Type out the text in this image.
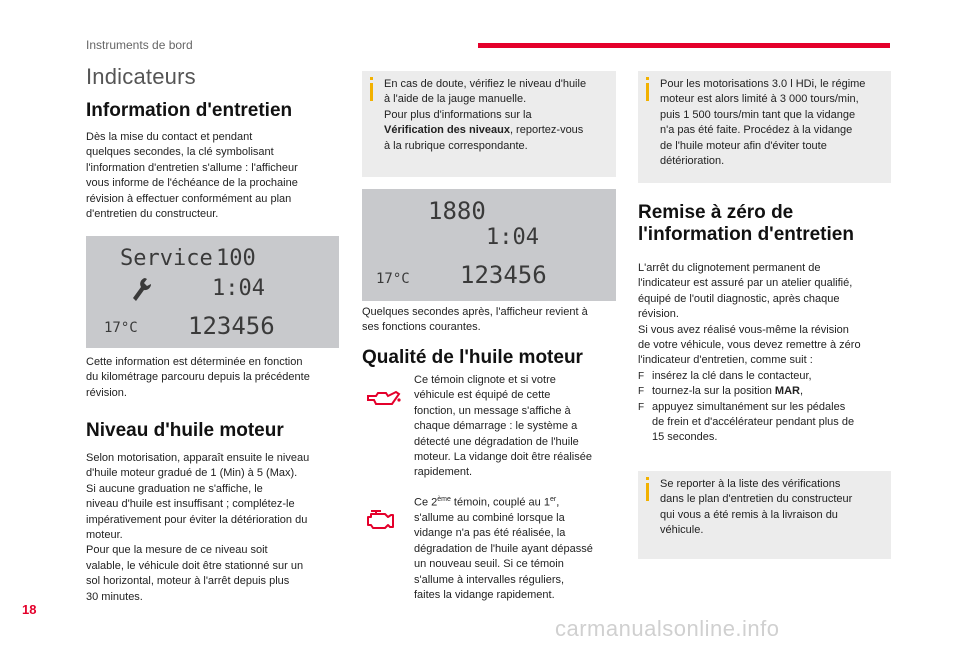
Instruments de bord
Indicateurs
Information d'entretien

Dès la mise du contact et pendant

quelques secondes, la clé symbolisant

l'information d'entretien s'allume : l'afficheur

vous informe de l'échéance de la prochaine

révision à effectuer conformément au plan

d'entretien du constructeur.

Service 100
1:04
17°C 123456

Cette information est déterminée en fonction

du kilométrage parcouru depuis la précédente

révision.

Niveau d'huile moteur

Selon motorisation, apparaît ensuite le niveau

d'huile moteur gradué de 1 (Min) à 5 (Max).

Si aucune graduation ne s'affiche, le

niveau d'huile est insuffisant ; complétez-le

impérativement pour éviter la détérioration du

moteur.

Pour que la mesure de ce niveau soit

valable, le véhicule doit être stationné sur un

sol horizontal, moteur à l'arrêt depuis plus

30 minutes.

En cas de doute, vérifiez le niveau d'huile

à l'aide de la jauge manuelle.

Pour plus d'informations sur la

Vérification des niveaux, reportez-vous

à la rubrique correspondante.

1880
1:04
17°C 123456

Quelques secondes après, l'afficheur revient à

ses fonctions courantes.

Qualité de l'huile moteur

Ce témoin clignote et si votre

véhicule est équipé de cette

fonction, un message s'affiche à

chaque démarrage : le système a

détecté une dégradation de l'huile

moteur. La vidange doit être réalisée

rapidement.

Ce 2ème témoin, couplé au 1er,

s'allume au combiné lorsque la

vidange n'a pas été réalisée, la

dégradation de l'huile ayant dépassé

un nouveau seuil. Si ce témoin

s'allume à intervalles réguliers,

faites la vidange rapidement.

Pour les motorisations 3.0 l HDi, le régime

moteur est alors limité à 3 000 tours/min,

puis 1 500 tours/min tant que la vidange

n'a pas été faite. Procédez à la vidange

de l'huile moteur afin d'éviter toute

détérioration.

Remise à zéro de
l'information d'entretien

L'arrêt du clignotement permanent de

l'indicateur est assuré par un atelier qualifié,

équipé de l'outil diagnostic, après chaque

révision.

Si vous avez réalisé vous-même la révision

de votre véhicule, vous devez remettre à zéro

l'indicateur d'entretien, comme suit :

F insérez la clé dans le contacteur,
F tournez-la sur la position MAR,
F appuyez simultanément sur les pédales

de frein et d'accélérateur pendant plus de

15 secondes.

Se reporter à la liste des vérifications

dans le plan d'entretien du constructeur

qui vous a été remis à la livraison du

véhicule.

18
carmanualsonline.info
